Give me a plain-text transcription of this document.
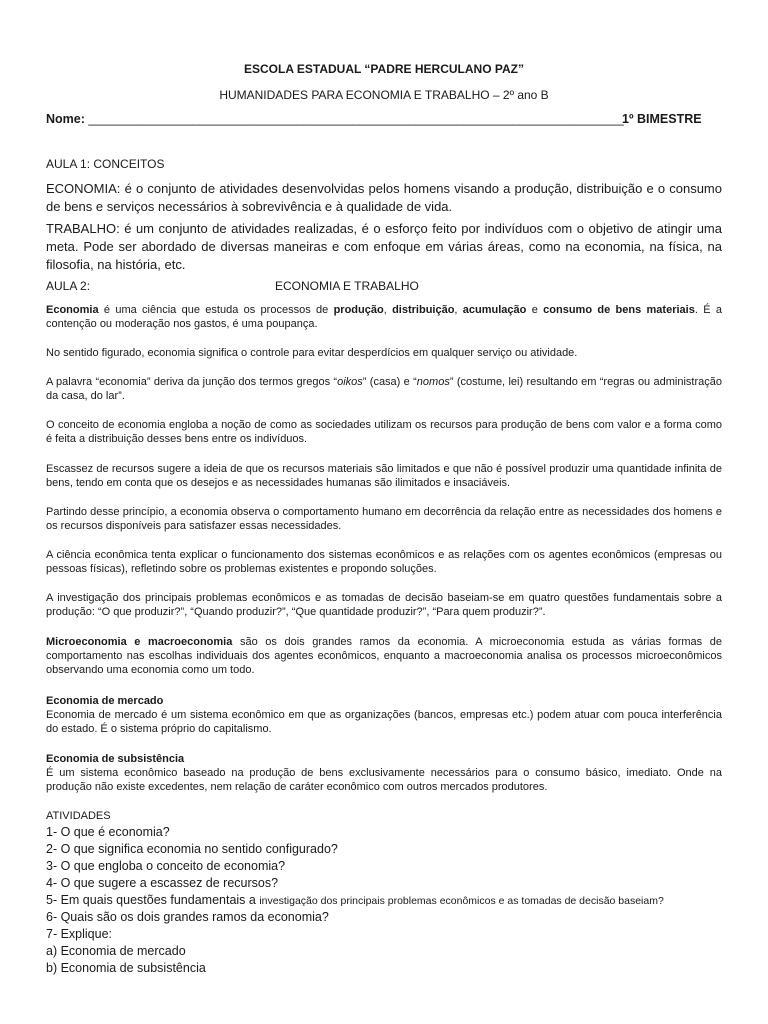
ESCOLA ESTADUAL “PADRE HERCULANO PAZ”
HUMANIDADES PARA ECONOMIA E TRABALHO – 2º ano B
Nome: _____________________________________________________________________________
1º BIMESTRE
AULA 1: CONCEITOS
ECONOMIA: é o conjunto de atividades desenvolvidas pelos homens visando a produção, distribuição e o consumo de bens e serviços necessários à sobrevivência e à qualidade de vida.
TRABALHO: é um conjunto de atividades realizadas, é o esforço feito por indivíduos com o objetivo de atingir uma meta. Pode ser abordado de diversas maneiras e com enfoque em várias áreas, como na economia, na física, na filosofia, na história, etc.
AULA 2:	ECONOMIA E TRABALHO
Economia é uma ciência que estuda os processos de produção, distribuição, acumulação e consumo de bens materiais. É a contenção ou moderação nos gastos, é uma poupança.
No sentido figurado, economia significa o controle para evitar desperdícios em qualquer serviço ou atividade.
A palavra “economia” deriva da junção dos termos gregos “oikos” (casa) e “nomos” (costume, lei) resultando em “regras ou administração da casa, do lar”.
O conceito de economia engloba a noção de como as sociedades utilizam os recursos para produção de bens com valor e a forma como é feita a distribuição desses bens entre os indivíduos.
Escassez de recursos sugere a ideia de que os recursos materiais são limitados e que não é possível produzir uma quantidade infinita de bens, tendo em conta que os desejos e as necessidades humanas são ilimitados e insaciáveis.
Partindo desse princípio, a economia observa o comportamento humano em decorrência da relação entre as necessidades dos homens e os recursos disponíveis para satisfazer essas necessidades.
A ciência econômica tenta explicar o funcionamento dos sistemas econômicos e as relações com os agentes econômicos (empresas ou pessoas físicas), refletindo sobre os problemas existentes e propondo soluções.
A investigação dos principais problemas econômicos e as tomadas de decisão baseiam-se em quatro questões fundamentais sobre a produção: “O que produzir?”, “Quando produzir?”, “Que quantidade produzir?”, “Para quem produzir?”.
Microeconomia e macroeconomia são os dois grandes ramos da economia. A microeconomia estuda as várias formas de comportamento nas escolhas individuais dos agentes econômicos, enquanto a macroeconomia analisa os processos microeconômicos observando uma economia como um todo.
Economia de mercado
Economia de mercado é um sistema econômico em que as organizações (bancos, empresas etc.) podem atuar com pouca interferência do estado. É o sistema próprio do capitalismo.
Economia de subsistência
É um sistema econômico baseado na produção de bens exclusivamente necessários para o consumo básico, imediato. Onde na produção não existe excedentes, nem relação de caráter econômico com outros mercados produtores.
ATIVIDADES
1- O que é economia?
2- O que significa economia no sentido configurado?
3- O que engloba o conceito de economia?
4- O que sugere a escassez de recursos?
5- Em quais questões fundamentais a investigação dos principais problemas econômicos e as tomadas de decisão baseiam?
6- Quais são os dois grandes ramos da economia?
7- Explique:
a) Economia de mercado
b) Economia de subsistência
